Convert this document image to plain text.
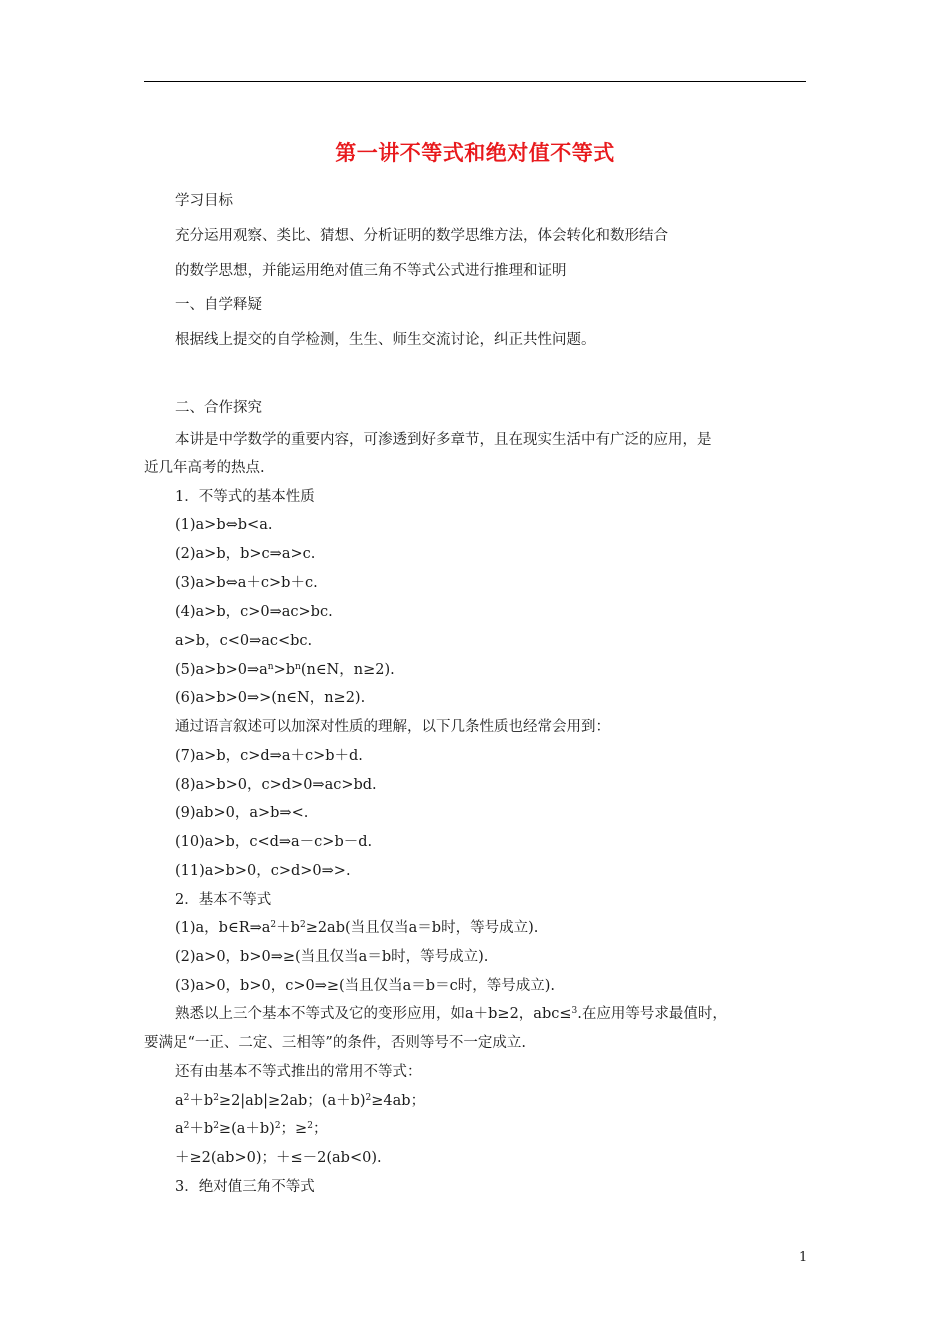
第一讲不等式和绝对值不等式
学习目标
充分运用观察、类比、猜想、分析证明的数学思维方法，体会转化和数形结合
的数学思想，并能运用绝对值三角不等式公式进行推理和证明
一、自学释疑
根据线上提交的自学检测，生生、师生交流讨论，纠正共性问题。
二、合作探究
本讲是中学数学的重要内容，可渗透到好多章节，且在现实生活中有广泛的应用，是
近几年高考的热点.
1．不等式的基本性质
(1)a>b⇔b<a.
(2)a>b，b>c⇒a>c.
(3)a>b⇔a＋c>b＋c.
(4)a>b，c>0⇒ac>bc.
a>b，c<0⇒ac<bc.
$(5)a>b>0\Rightarrow a^n>b^n(n\in N$，n≥2).
(6)a>b>0⇒>(n∈N，n≥2).
通过语言叙述可以加深对性质的理解，以下几条性质也经常会用到：
(7)a>b，c>d⇒a＋c>b＋d.
(8)a>b>0，c>d>0⇒ac>bd.
(9)ab>0，a>b⇒<.
(10)a>b，c<d⇒a－c>b－d.
(11)a>b>0，c>d>0⇒>.
2．基本不等式
(1)a，$b\in R\Rightarrow a^2+b^2\ge 2ab$(当且仅当a＝b时，等号成立).
(2)a>0，b>0⇒≥(当且仅当a＝b时，等号成立).
(3)a>0，b>0，c>0⇒≥(当且仅当a＝b＝c时，等号成立).
熟悉以上三个基本不等式及它的变形应用，如a＋b≥2，abc≤$^3$.在应用等号求最值时，
要满足“一正、二定、三相等”的条件，否则等号不一定成立.
还有由基本不等式推出的常用不等式：
$a^2+b^2\ge 2|ab|\ge 2ab$；$(a+b)^2\ge 4ab$；
$a^2+b^2\ge(a+b)^2$；≥$^2$；
＋≥2(ab>0)；＋≤－2(ab<0).
3．绝对值三角不等式
1
